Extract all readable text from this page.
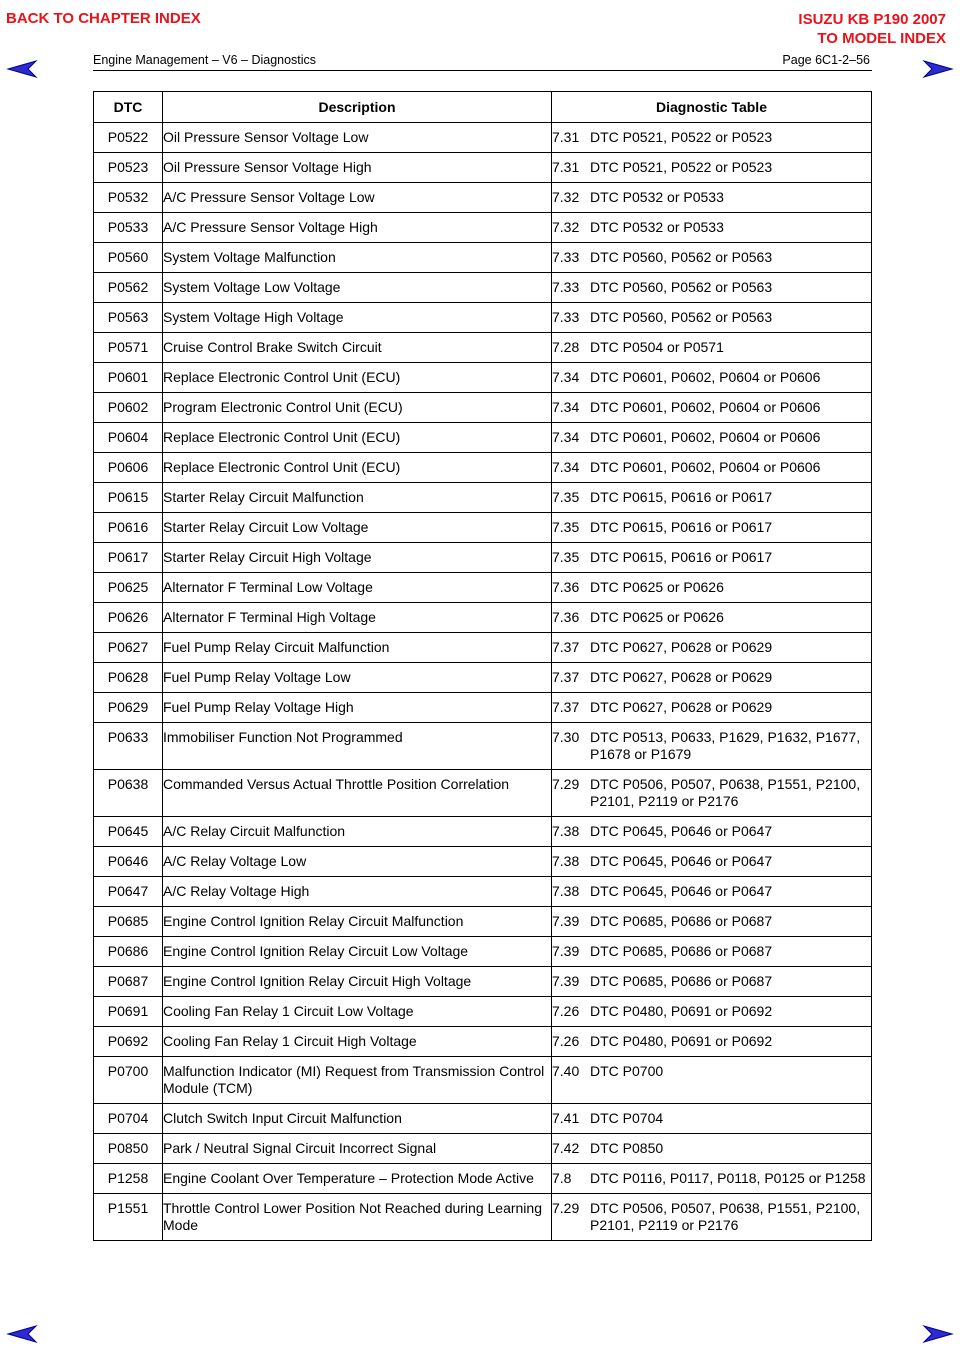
BACK TO CHAPTER INDEX	ISUZU KB P190 2007
TO MODEL INDEX
Engine Management – V6 – Diagnostics	Page 6C1-2–56
DTC	Description	Diagnostic Table
P0522	Oil Pressure Sensor Voltage Low	7.31 DTC P0521, P0522 or P0523

P0523	Oil Pressure Sensor Voltage High	7.31 DTC P0521, P0522 or P0523

P0532	A/C Pressure Sensor Voltage Low	7.32 DTC P0532 or P0533

P0533	A/C Pressure Sensor Voltage High	7.32 DTC P0532 or P0533

P0560	System Voltage Malfunction	7.33 DTC P0560, P0562 or P0563

P0562	System Voltage Low Voltage	7.33 DTC P0560, P0562 or P0563

P0563	System Voltage High Voltage	7.33 DTC P0560, P0562 or P0563

P0571	Cruise Control Brake Switch Circuit	7.28 DTC P0504 or P0571

P0601	Replace Electronic Control Unit (ECU)	7.34 DTC P0601, P0602, P0604 or P0606

P0602	Program Electronic Control Unit (ECU)	7.34 DTC P0601, P0602, P0604 or P0606

P0604	Replace Electronic Control Unit (ECU)	7.34 DTC P0601, P0602, P0604 or P0606

P0606	Replace Electronic Control Unit (ECU)	7.34 DTC P0601, P0602, P0604 or P0606

P0615	Starter Relay Circuit Malfunction	7.35 DTC P0615, P0616 or P0617

P0616	Starter Relay Circuit Low Voltage	7.35 DTC P0615, P0616 or P0617

P0617	Starter Relay Circuit High Voltage	7.35 DTC P0615, P0616 or P0617

P0625	Alternator F Terminal Low Voltage	7.36 DTC P0625 or P0626

P0626	Alternator F Terminal High Voltage	7.36 DTC P0625 or P0626

P0627	Fuel Pump Relay Circuit Malfunction	7.37 DTC P0627, P0628 or P0629

P0628	Fuel Pump Relay Voltage Low	7.37 DTC P0627, P0628 or P0629

P0629	Fuel Pump Relay Voltage High	7.37 DTC P0627, P0628 or P0629

P0633	Immobiliser Function Not Programmed	7.30 DTC P0513, P0633, P1629, P1632, P1677, P1678 or P1679

P0638	Commanded Versus Actual Throttle Position Correlation	7.29 DTC P0506, P0507, P0638, P1551, P2100, P2101, P2119 or P2176

P0645	A/C Relay Circuit Malfunction	7.38 DTC P0645, P0646 or P0647

P0646	A/C Relay Voltage Low	7.38 DTC P0645, P0646 or P0647

P0647	A/C Relay Voltage High	7.38 DTC P0645, P0646 or P0647

P0685	Engine Control Ignition Relay Circuit Malfunction	7.39 DTC P0685, P0686 or P0687

P0686	Engine Control Ignition Relay Circuit Low Voltage	7.39 DTC P0685, P0686 or P0687

P0687	Engine Control Ignition Relay Circuit High Voltage	7.39 DTC P0685, P0686 or P0687

P0691	Cooling Fan Relay 1 Circuit Low Voltage	7.26 DTC P0480, P0691 or P0692

P0692	Cooling Fan Relay 1 Circuit High Voltage	7.26 DTC P0480, P0691 or P0692

P0700	Malfunction Indicator (MI) Request from Transmission Control Module (TCM)	7.40 DTC P0700

P0704	Clutch Switch Input Circuit Malfunction	7.41 DTC P0704

P0850	Park / Neutral Signal Circuit Incorrect Signal	7.42 DTC P0850

P1258	Engine Coolant Over Temperature – Protection Mode Active	7.8 DTC P0116, P0117, P0118, P0125 or P1258

P1551	Throttle Control Lower Position Not Reached during Learning Mode	7.29 DTC P0506, P0507, P0638, P1551, P2100, P2101, P2119 or P2176
